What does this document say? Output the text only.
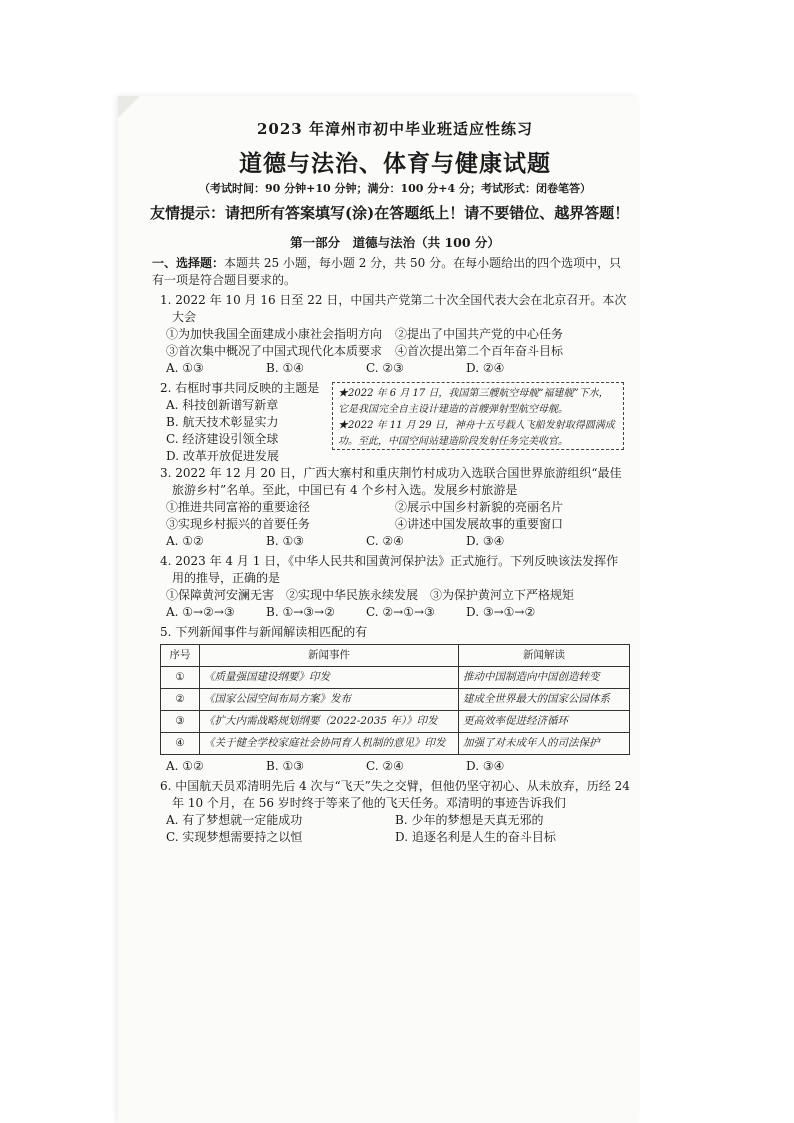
2023 年漳州市初中毕业班适应性练习

道德与法治、体育与健康试题

（考试时间：90 分钟+10 分钟；满分：100 分+4 分；考试形式：闭卷笔答）

友情提示：请把所有答案填写(涂)在答题纸上！请不要错位、越界答题！

第一部分　道德与法治（共 100 分）

一、选择题：本题共 25 小题，每小题 2 分，共 50 分。在每小题给出的四个选项中，只有一项是符合题目要求的。

1. 2022 年 10 月 16 日至 22 日，中国共产党第二十次全国代表大会在北京召开。本次大会
①为加快我国全面建成小康社会指明方向	②提出了中国共产党的中心任务
③首次集中概况了中国式现代化本质要求	④首次提出第二个百年奋斗目标
A. ①③	B. ①④	C. ②③	D. ②④
2. 右框时事共同反映的主题是
A. 科技创新谱写新章
B. 航天技术彰显实力
C. 经济建设引领全球
D. 改革开放促进发展
★2022 年 6 月 17 日，我国第三艘航空母舰“福建舰”下水，它是我国完全自主设计建造的首艘弹射型航空母舰。
★2022 年 11 月 29 日，神舟十五号载人飞船发射取得圆满成功。至此，中国空间站建造阶段发射任务完美收官。
3. 2022 年 12 月 20 日，广西大寨村和重庆荆竹村成功入选联合国世界旅游组织“最佳旅游乡村”名单。至此，中国已有 4 个乡村入选。发展乡村旅游是
①推进共同富裕的重要途径	②展示中国乡村新貌的亮丽名片
③实现乡村振兴的首要任务	④讲述中国发展故事的重要窗口
A. ①②	B. ①③	C. ②④	D. ③④
4. 2023 年 4 月 1 日，《中华人民共和国黄河保护法》正式施行。下列反映该法发挥作用的推导，正确的是
①保障黄河安澜无害　②实现中华民族永续发展　③为保护黄河立下严格规矩
A. ①→②→③	B. ①→③→②	C. ②→①→③	D. ③→①→②
5. 下列新闻事件与新闻解读相匹配的有
序号	新闻事件	新闻解读
①	《质量强国建设纲要》印发	推动中国制造向中国创造转变
②	《国家公园空间布局方案》发布	建成全世界最大的国家公园体系
③	《扩大内需战略规划纲要（2022-2035 年）》印发	更高效率促进经济循环
④	《关于健全学校家庭社会协同育人机制的意见》印发	加强了对未成年人的司法保护
A. ①②	B. ①③	C. ②④	D. ③④
6. 中国航天员邓清明先后 4 次与“飞天”失之交臂，但他仍坚守初心、从未放弃，历经 24 年 10 个月，在 56 岁时终于等来了他的飞天任务。邓清明的事迹告诉我们
A. 有了梦想就一定能成功	B. 少年的梦想是天真无邪的
C. 实现梦想需要持之以恒	D. 追逐名利是人生的奋斗目标
